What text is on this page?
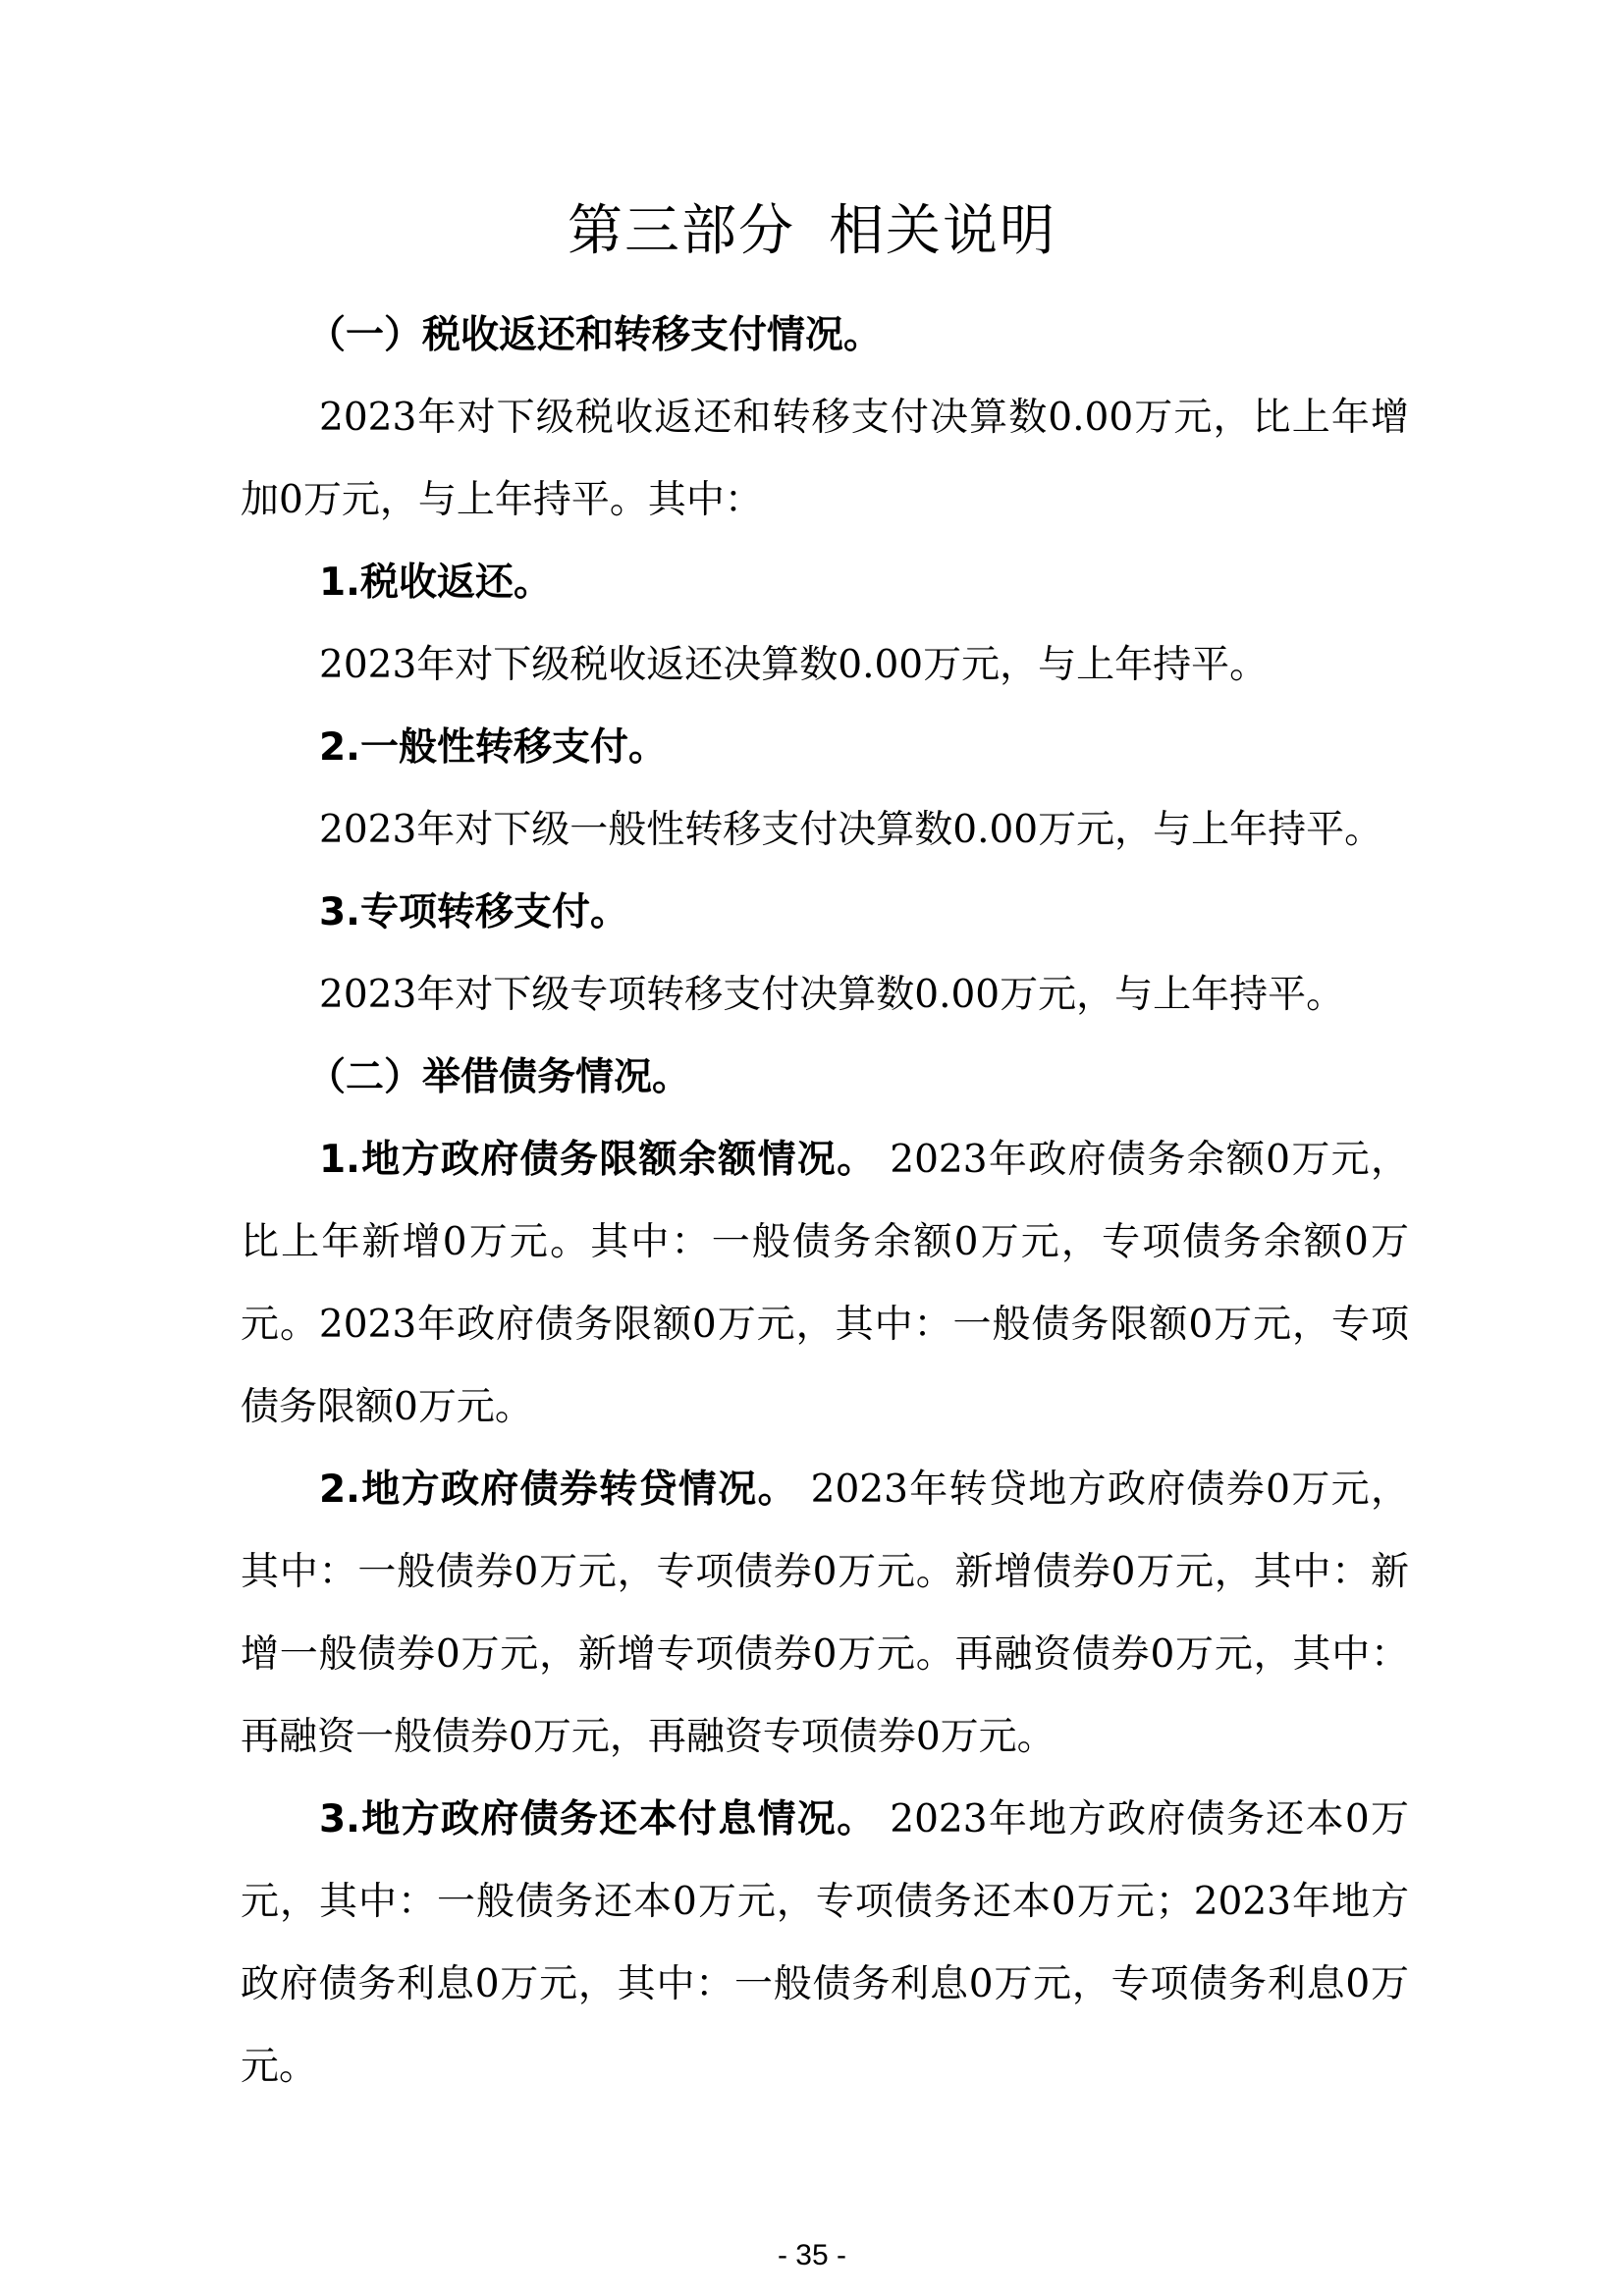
第三部分 相关说明

（一）税收返还和转移支付情况。

2023年对下级税收返还和转移支付决算数0.00万元，比上年增加0万元，与上年持平。其中：

1.税收返还。

2023年对下级税收返还决算数0.00万元，与上年持平。

2.一般性转移支付。

2023年对下级一般性转移支付决算数0.00万元，与上年持平。

3.专项转移支付。

2023年对下级专项转移支付决算数0.00万元，与上年持平。

（二）举借债务情况。

1.地方政府债务限额余额情况。 2023年政府债务余额0万元，比上年新增0万元。其中：一般债务余额0万元，专项债务余额0万元。2023年政府债务限额0万元，其中：一般债务限额0万元，专项债务限额0万元。

2.地方政府债券转贷情况。 2023年转贷地方政府债券0万元，其中：一般债券0万元，专项债券0万元。新增债券0万元，其中：新增一般债券0万元，新增专项债券0万元。再融资债券0万元，其中：再融资一般债券0万元，再融资专项债券0万元。

3.地方政府债务还本付息情况。 2023年地方政府债务还本0万元，其中：一般债务还本0万元，专项债务还本0万元；2023年地方政府债务利息0万元，其中：一般债务利息0万元，专项债务利息0万元。

- 35 -
